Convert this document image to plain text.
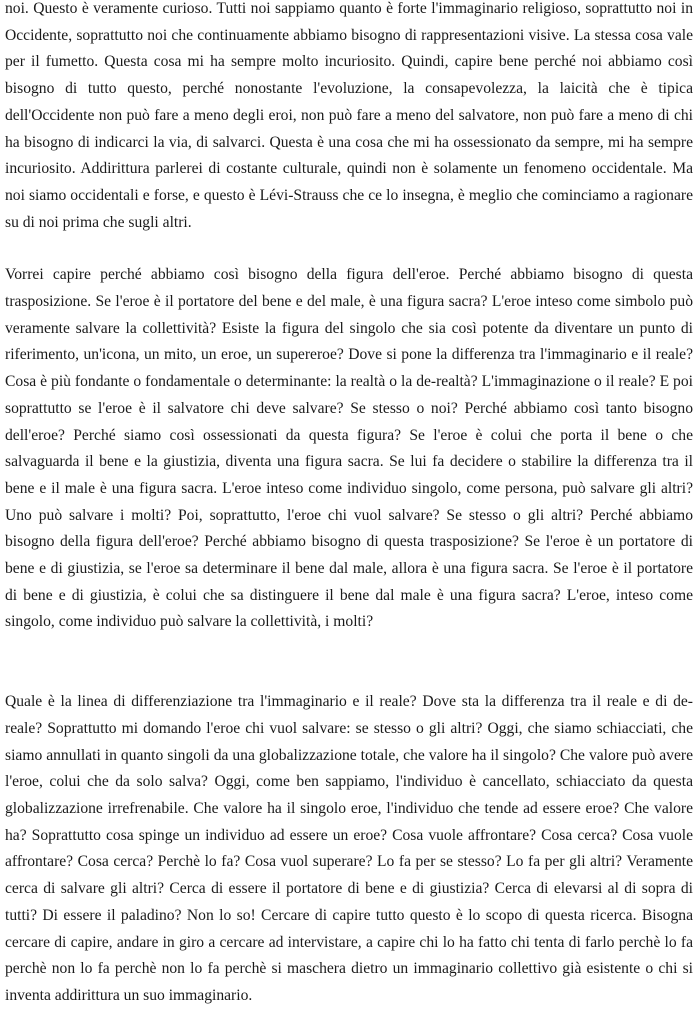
noi. Questo è veramente curioso. Tutti noi sappiamo quanto è forte l'immaginario religioso, soprattutto noi in Occidente, soprattutto noi che continuamente abbiamo bisogno di rappresentazioni visive. La stessa cosa vale per il fumetto. Questa cosa mi ha sempre molto incuriosito. Quindi, capire bene perché noi abbiamo così bisogno di tutto questo, perché nonostante l'evoluzione, la consapevolezza, la laicità che è tipica dell'Occidente non può fare a meno degli eroi, non può fare a meno del salvatore, non può fare a meno di chi ha bisogno di indicarci la via, di salvarci. Questa è una cosa che mi ha ossessionato da sempre, mi ha sempre incuriosito. Addirittura parlerei di costante culturale, quindi non è solamente un fenomeno occidentale. Ma noi siamo occidentali e forse, e questo è Lévi-Strauss che ce lo insegna, è meglio che cominciamo a ragionare su di noi prima che sugli altri.

Vorrei capire perché abbiamo così bisogno della figura dell'eroe. Perché abbiamo bisogno di questa trasposizione. Se l'eroe è il portatore del bene e del male, è una figura sacra? L'eroe inteso come simbolo può veramente salvare la collettività? Esiste la figura del singolo che sia così potente da diventare un punto di riferimento, un'icona, un mito, un eroe, un supereroe? Dove si pone la differenza tra l'immaginario e il reale? Cosa è più fondante o fondamentale o determinante: la realtà o la de-realtà? L'immaginazione o il reale? E poi soprattutto se l'eroe è il salvatore chi deve salvare? Se stesso o noi? Perché abbiamo così tanto bisogno dell'eroe? Perché siamo così ossessionati da questa figura? Se l'eroe è colui che porta il bene o che salvaguarda il bene e la giustizia, diventa una figura sacra. Se lui fa decidere o stabilire la differenza tra il bene e il male è una figura sacra. L'eroe inteso come individuo singolo, come persona, può salvare gli altri? Uno può salvare i molti? Poi, soprattutto, l'eroe chi vuol salvare? Se stesso o gli altri? Perché abbiamo bisogno della figura dell'eroe? Perché abbiamo bisogno di questa trasposizione? Se l'eroe è un portatore di bene e di giustizia, se l'eroe sa determinare il bene dal male, allora è una figura sacra. Se l'eroe è il portatore di bene e di giustizia, è colui che sa distinguere il bene dal male è una figura sacra? L'eroe, inteso come singolo, come individuo può salvare la collettività, i molti?

Quale è la linea di differenziazione tra l'immaginario e il reale? Dove sta la differenza tra il reale e di de-reale? Soprattutto mi domando l'eroe chi vuol salvare: se stesso o gli altri? Oggi, che siamo schiacciati, che siamo annullati in quanto singoli da una globalizzazione totale, che valore ha il singolo? Che valore può avere l'eroe, colui che da solo salva? Oggi, come ben sappiamo, l'individuo è cancellato, schiacciato da questa globalizzazione irrefrenabile. Che valore ha il singolo eroe, l'individuo che tende ad essere eroe? Che valore ha? Soprattutto cosa spinge un individuo ad essere un eroe? Cosa vuole affrontare? Cosa cerca? Cosa vuole affrontare? Cosa cerca? Perchè lo fa? Cosa vuol superare? Lo fa per se stesso? Lo fa per gli altri? Veramente cerca di salvare gli altri? Cerca di essere il portatore di bene e di giustizia? Cerca di elevarsi al di sopra di tutti? Di essere il paladino? Non lo so! Cercare di capire tutto questo è lo scopo di questa ricerca. Bisogna cercare di capire, andare in giro a cercare ad intervistare, a capire chi lo ha fatto chi tenta di farlo perchè lo fa perchè non lo fa perchè non lo fa perchè si maschera dietro un immaginario collettivo già esistente o chi si inventa addirittura un suo immaginario.
